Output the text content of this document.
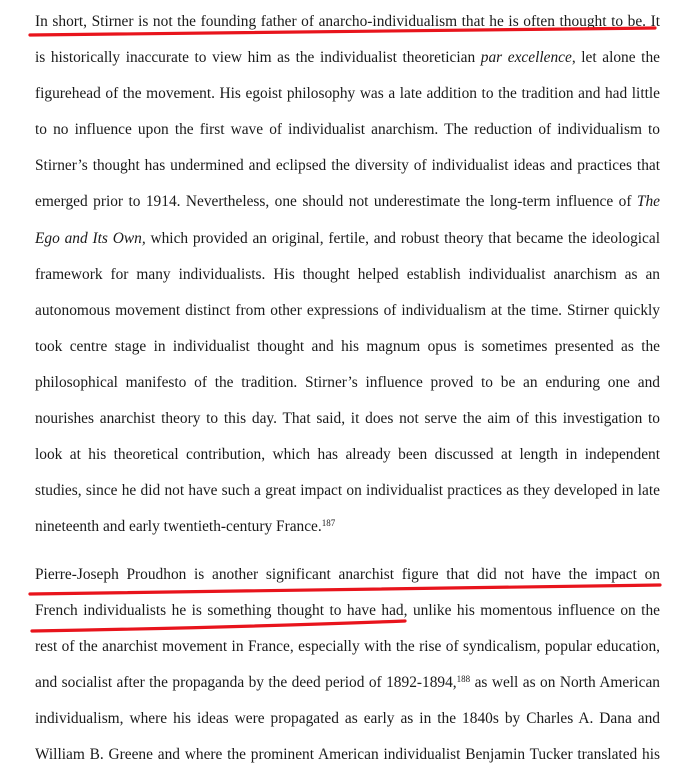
In short, Stirner is not the founding father of anarcho-individualism that he is often thought to be. It
is historically inaccurate to view him as the individualist theoretician par excellence, let alone the
figurehead of the movement. His egoist philosophy was a late addition to the tradition and had little
to no influence upon the first wave of individualist anarchism. The reduction of individualism to
Stirner’s thought has undermined and eclipsed the diversity of individualist ideas and practices that
emerged prior to 1914. Nevertheless, one should not underestimate the long-term influence of The
Ego and Its Own, which provided an original, fertile, and robust theory that became the ideological
framework for many individualists. His thought helped establish individualist anarchism as an
autonomous movement distinct from other expressions of individualism at the time. Stirner quickly
took centre stage in individualist thought and his magnum opus is sometimes presented as the
philosophical manifesto of the tradition. Stirner’s influence proved to be an enduring one and
nourishes anarchist theory to this day. That said, it does not serve the aim of this investigation to
look at his theoretical contribution, which has already been discussed at length in independent
studies, since he did not have such a great impact on individualist practices as they developed in late
nineteenth and early twentieth-century France.$^{187}$
Pierre-Joseph Proudhon is another significant anarchist figure that did not have the impact on
French individualists he is something thought to have had, unlike his momentous influence on the
rest of the anarchist movement in France, especially with the rise of syndicalism, popular education,
and socialist after the propaganda by the deed period of 1892-1894,$^{188}$ as well as on North American
individualism, where his ideas were propagated as early as in the 1840s by Charles A. Dana and
William B. Greene and where the prominent American individualist Benjamin Tucker translated his
